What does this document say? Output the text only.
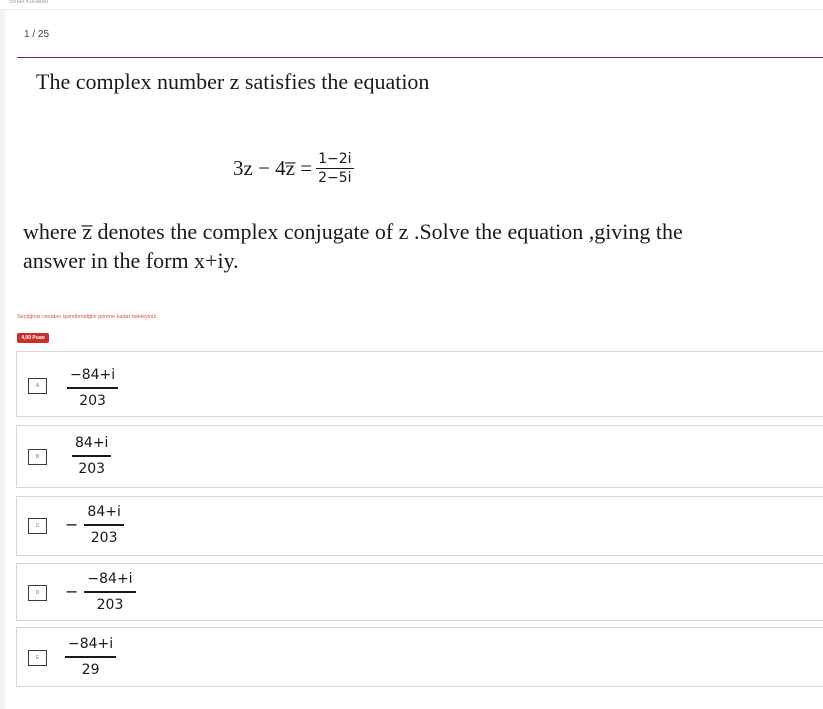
Sınav Kurallari
1 / 25
The complex number z satisfies the equation
3z − 4z̅ = $\frac{1-2i}{2-5i}$
where z̅ denotes the complex conjugate of z .Solve the equation ,giving the answer in the form x+iy.
Seçtiğiniz cevabın işaretlendiğini görene kadar bekleyiniz.
4,00 Puan
A	$\frac{-84+i}{203}$
B	$\frac{84+i}{203}$
C	− $\frac{84+i}{203}$
D	− $\frac{-84+i}{203}$
E	$\frac{-84+i}{29}$
